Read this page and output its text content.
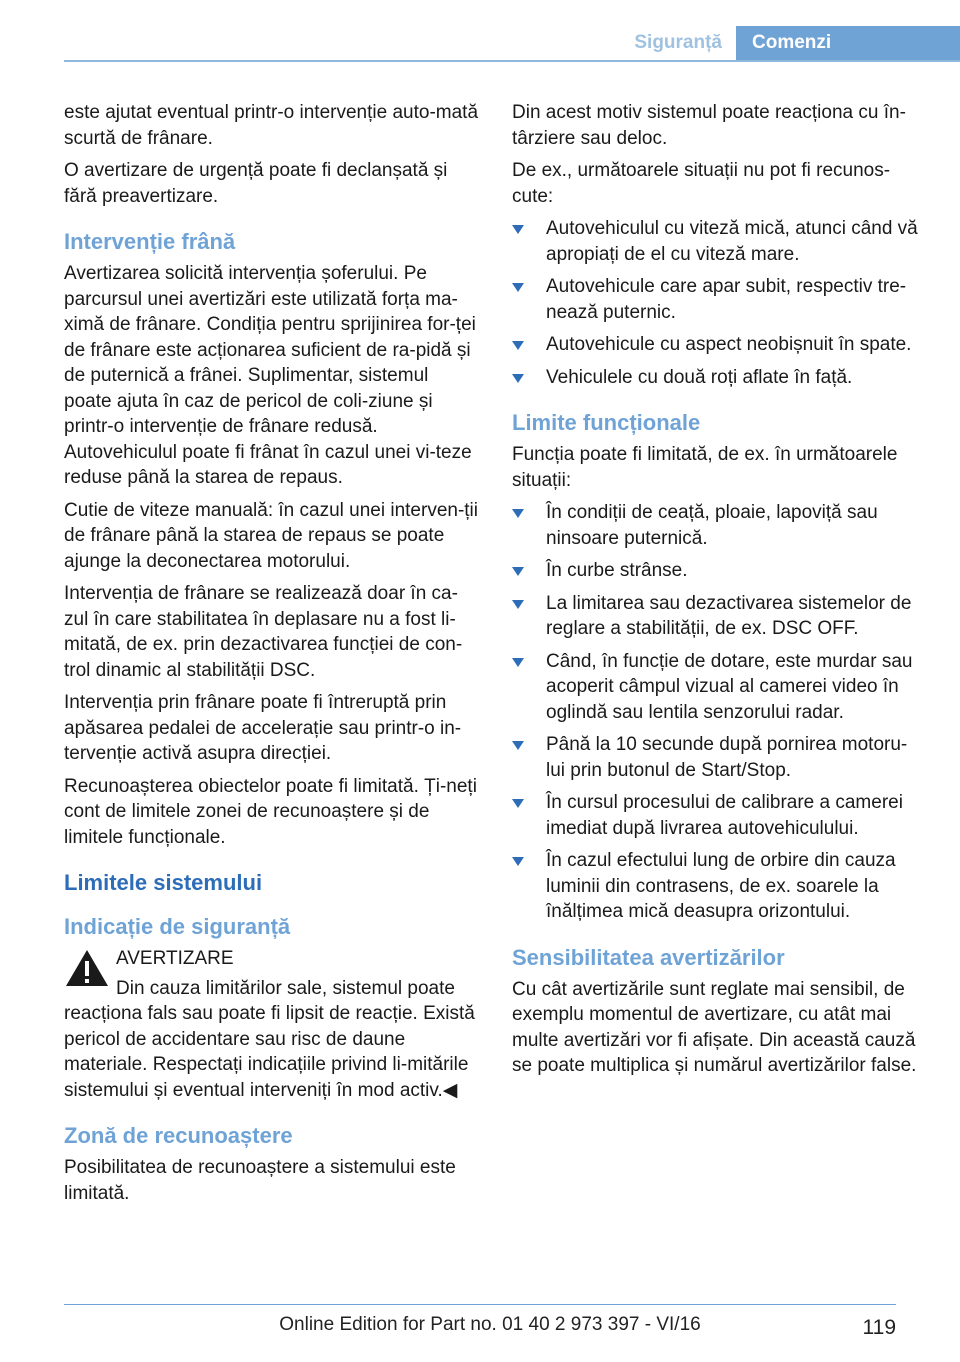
Siguranță	Comenzi

este ajutat eventual printr-o intervenție auto-mată scurtă de frânare.

O avertizare de urgență poate fi declanșată și fără preavertizare.

Intervenție frână

Avertizarea solicită intervenția șoferului. Pe parcursul unei avertizări este utilizată forța ma-ximă de frânare. Condiția pentru sprijinirea for-ței de frânare este acționarea suficient de ra-pidă și de puternică a frânei. Suplimentar, sistemul poate ajuta în caz de pericol de coli-ziune și printr-o intervenție de frânare redusă. Autovehiculul poate fi frânat în cazul unei vi-teze reduse până la starea de repaus.

Cutie de viteze manuală: în cazul unei interven-ții de frânare până la starea de repaus se poate ajunge la deconectarea motorului.

Intervenția de frânare se realizează doar în ca-zul în care stabilitatea în deplasare nu a fost li-mitată, de ex. prin dezactivarea funcției de con-trol dinamic al stabilității DSC.

Intervenția prin frânare poate fi întreruptă prin apăsarea pedalei de accelerație sau printr-o in-tervenție activă asupra direcției.

Recunoașterea obiectelor poate fi limitată. Ți-neți cont de limitele zonei de recunoaștere și de limitele funcționale.

Limitele sistemului
Indicație de siguranță

AVERTIZARE

Din cauza limitărilor sale, sistemul poate

reacționa fals sau poate fi lipsit de reacție. Există pericol de accidentare sau risc de daune materiale. Respectați indicațiile privind li-mitările sistemului și eventual interveniți în mod activ.◀

Zonă de recunoaștere

Posibilitatea de recunoaștere a sistemului este limitată.

Din acest motiv sistemul poate reacționa cu în-târziere sau deloc.

De ex., următoarele situații nu pot fi recunos-cute:

Autovehiculul cu viteză mică, atunci când vă apropiați de el cu viteză mare.
Autovehicule care apar subit, respectiv tre-nează puternic.
Autovehicule cu aspect neobișnuit în spate.
Vehiculele cu două roți aflate în față.
Limite funcționale

Funcția poate fi limitată, de ex. în următoarele situații:

În condiții de ceață, ploaie, lapoviță sau ninsoare puternică.
În curbe strânse.
La limitarea sau dezactivarea sistemelor de reglare a stabilității, de ex. DSC OFF.
Când, în funcție de dotare, este murdar sau acoperit câmpul vizual al camerei video în oglindă sau lentila senzorului radar.
Până la 10 secunde după pornirea motoru-lui prin butonul de Start/Stop.
În cursul procesului de calibrare a camerei imediat după livrarea autovehiculului.
În cazul efectului lung de orbire din cauza luminii din contrasens, de ex. soarele la înălțimea mică deasupra orizontului.
Sensibilitatea avertizărilor

Cu cât avertizările sunt reglate mai sensibil, de exemplu momentul de avertizare, cu atât mai multe avertizări vor fi afișate. Din această cauză se poate multiplica și numărul avertizărilor false.

119
Online Edition for Part no. 01 40 2 973 397 - VI/16
